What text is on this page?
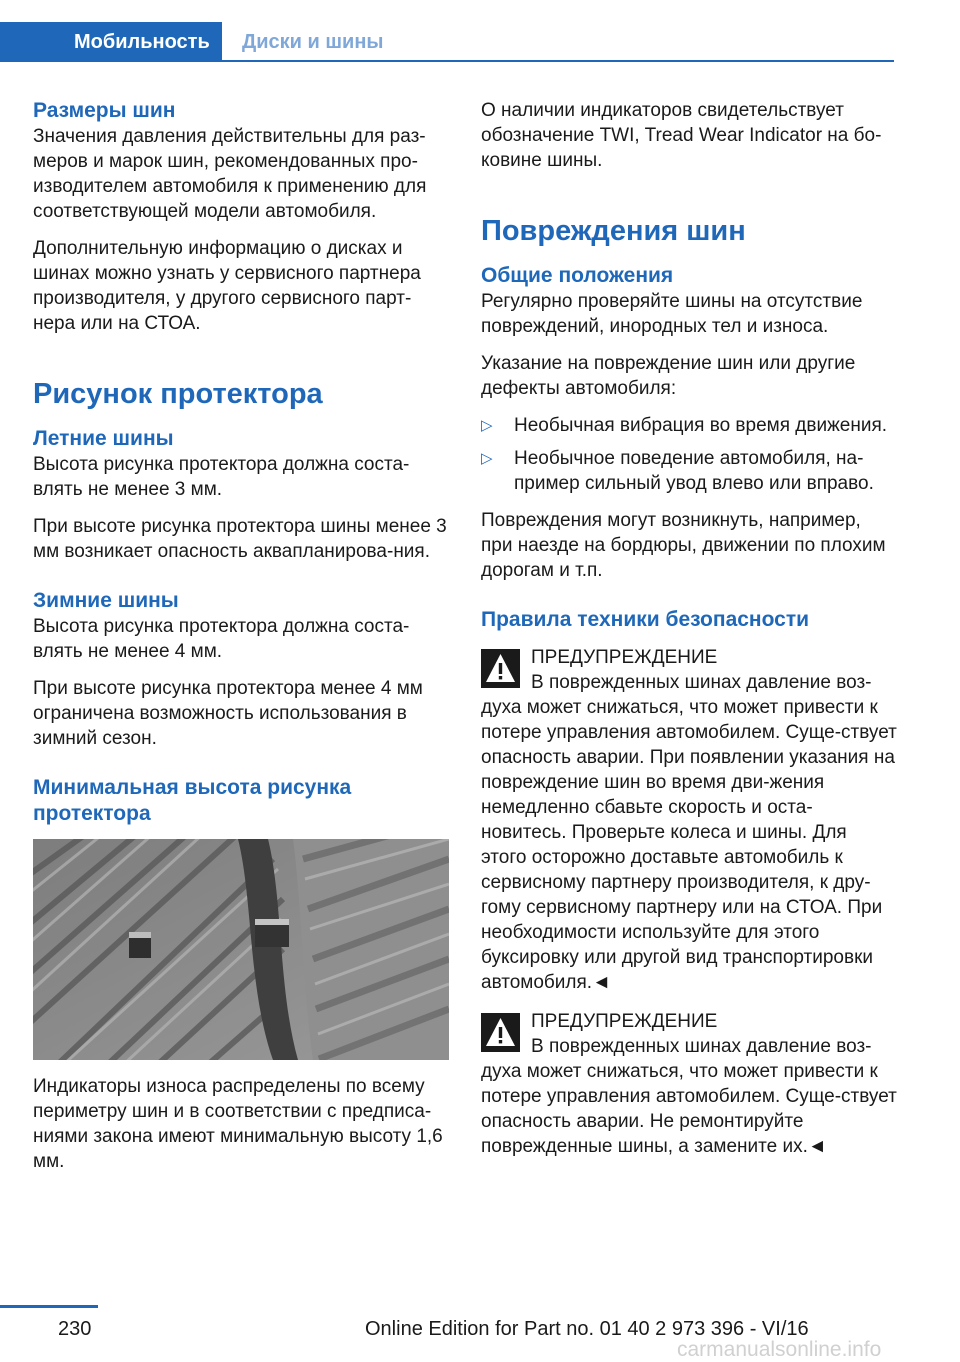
Мобильность	Диски и шины
Размеры шин

Значения давления действительны для раз-меров и марок шин, рекомендованных про-изводителем автомобиля к применению для соответствующей модели автомобиля.

Дополнительную информацию о дисках и шинах можно узнать у сервисного партнера производителя, у другого сервисного парт-нера или на СТОА.

Рисунок протектора
Летние шины

Высота рисунка протектора должна соста-влять не менее 3 мм.

При высоте рисунка протектора шины менее 3 мм возникает опасность аквапланирова-ния.

Зимние шины

Высота рисунка протектора должна соста-влять не менее 4 мм.

При высоте рисунка протектора менее 4 мм ограничена возможность использования в зимний сезон.

Минимальная высота рисунка протектора

Индикаторы износа распределены по всему периметру шин и в соответствии с предписа-ниями закона имеют минимальную высоту 1,6 мм.

О наличии индикаторов свидетельствует обозначение TWI, Tread Wear Indicator на бо-ковине шины.

Повреждения шин
Общие положения

Регулярно проверяйте шины на отсутствие повреждений, инородных тел и износа.

Указание на повреждение шин или другие дефекты автомобиля:

▷ Необычная вибрация во время движения.
▷ Необычное поведение автомобиля, на-пример сильный увод влево или вправо.

Повреждения могут возникнуть, например, при наезде на бордюры, движении по плохим дорогам и т.п.

Правила техники безопасности

ПРЕДУПРЕЖДЕНИЕ

В поврежденных шинах давление воз-

духа может снижаться, что может привести к потере управления автомобилем. Суще-ствует опасность аварии. При появлении указания на повреждение шин во время дви-жения немедленно сбавьте скорость и оста-новитесь. Проверьте колеса и шины. Для этого осторожно доставьте автомобиль к сервисному партнеру производителя, к дру-гому сервисному партнеру или на СТОА. При необходимости используйте для этого буксировку или другой вид транспортировки автомобиля.◄

ПРЕДУПРЕЖДЕНИЕ

В поврежденных шинах давление воз-

духа может снижаться, что может привести к потере управления автомобилем. Суще-ствует опасность аварии. Не ремонтируйте поврежденные шины, а замените их.◄

230	Online Edition for Part no. 01 40 2 973 396 - VI/16
carmanualsonline.info
